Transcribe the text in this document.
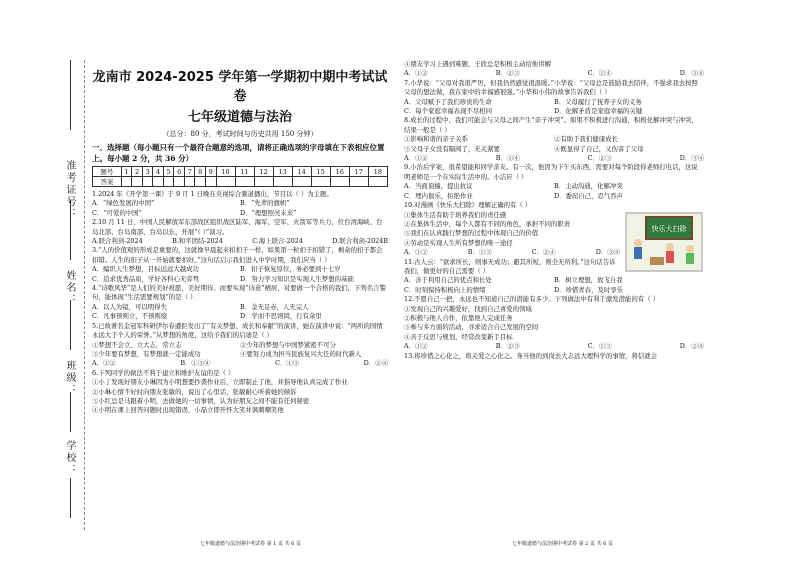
准考证号：
姓名：
班级：
学校：
龙南市 2024-2025 学年第一学期初中期中考试试卷
七年级道德与法治
（总分：80 分，考试时间与历史共用 150 分钟）
一、选择题（每小题只有一个最符合题意的选项，请将正确选项的字母填在下表相应位置上。每小题 2 分，共 36 分）
题号	1	2	3	4	5	6	7	8	9	10	11	12	13	14	15	16	17	18
答案																		

1.2024 年《开学第一课》于 9 月 1 日晚在央视综合频道播出，节目以（ ）为主题。

A．“绿色发展的中国”	B．“先辈的旗帜”
C．“可爱的中国”	D．“理想照亮未来”

2.10 月 11 日，中国人民解放军东部战区组织战区陆军、海军、空军、火箭军等兵力，位台湾海峡、台岛北部、台岛南部、台岛以东，开展“（ ）”演习。

A.联合利剑-2024	B.和平团结-2024	C.海上联合-2024	D.联合利剑-2024B

3.“人的价值观的形成是重要的，这就像早晨起来扣扣子一样，如果第一粒扣子扣错了，剩余的扣子都会扣错。人生的扣子从一开始就要扣好。”这句话启示我们进入中学时期，我们应当（ ）

A．编织人生梦想，目标远远大越成功	B．扣子恢复原位，务必要到十七岁
C．追求优秀品质，学好各科心无旁骛	D．努力学习知识是实现人生梦想的基础

4.“诗歌风华”是人们的美好祝愿，美好期待。而要实现“诗意”栖居，对要做一个合格的我们，下列名言警句，能体现“生活需要规划”的是（ ）

A．以人为镜，可以明得失	B．金无足赤，人无完人
C．凡事预则立，不预则废	D．学而不思则罔，行有余里

5.已故著名金冠军科研伊尔春遭拒发出了“有关梦想、成长和奉献”的演讲，她在演讲中说：“两所的国情永远大于个人的荣誉。”从梦想的角度，这给予我们的启迪是（ ）

①梦想不会立、立大志，常立志	②少年的梦想与中国梦紧密不可分
③少年要有梦想，有梦想就一定能成功	④要努力成为担当民族复兴大任的时代新人
A．①②	B．①③④	C．①③	D．②④

6.下列同学的做法不利于建立和维护友谊的是（ ）

①小丁发现好朋友小琳因为小明想要抄袭作业后，立即制止了他，并指导他认真完成了作业
②小琳心情不好时向朋友张敏的，说出了心里话，张敏耐心听着她的倾诉
③小红总是马跟着小明，去做她的一切事情，认为好朋友之间不能有任何秘密
④小明在课上回答问题时出现错误，小磊立即开怀大笑并讽刺嘲笑他

④朋友学习上遇到难题，王欣总是积极主动给他讲解

A．①②	B．②③	C．①④	D．③④

7.小华说：“父母对我很严厉，但我仍然感觉很温暖。”小华说：“父母总是鼓励我去陪伴，不强求我去按照父母的想法做，我在家中的幸福感很强。”小华和小伟的故事告诉我们（ ）

A．父母赋予了我们珍贵的生命	B．父母履行了抚养子女的义务
C．每个家庭幸福表现不尽相同	D．化解矛盾是家庭幸福的关键

8.成长的过程中，我们可能会与父母之间产生“亲子冲突”。如果不积极进行沟通，积极化解冲突与冲突，结果一般是（ ）

①影响和谐的亲子关系	②有助于我们健康成长
③父母子女没有隔阂了，无关紧要	④既显得了自己，又伤害了父母
A．①②	B．①④	C．②③	D．③④

9.小治后学案，很希望能和同学亲友。有一次，他因为下午买东西，需要对每个阶段你老师打电话，这说明老师是一个在实际生活中的。小洁应（ ）

A．当面顶撞，提出抗议	B．主动沟通，化解冲突
C．埋内俱乐，拒绝作业	D．委屈自己，忍气吞声

10.对漫画《快乐大扫除》理解正确的有（ ）

快乐大扫除
①集体生活有助于培养我们的责任感
②在集体生活中，每个人都有不同的角色，承担不同的职责
③我们在认真践行梦想的过程中体现自己的价值
④劳动是实现人生所有梦想的唯一途径
A．①②	B．①③	C．②④	D．③④

11.古人云：“欲求所长，则事无成功；避其所短，则全无所利。”这句话告诉我们，做更好的自己需要（ ）

A．善于利用自己的优点和长处	B．树立理想，放飞自我
C．时刻保持积极向上的情绪	D．珍惜青春，及时享乐

12.不愿自己一把，永远也不知道自己的潜能有多少。下列做法中有利于激发潜能的有（ ）

①发现自己的兴趣爱好，找到自己喜爱的领域
②积极与他人合作，依靠他人完成任务
③参与多方面的活动，寻求适合自己发展的空间
④善于反思与规划，经常改变新手目标
A．①②	B．②③	C．①③	D．②④

13.将珍惜之心化之，将关爱之心化之。身当他的到岗去大志远大理科学的事情，将信就会

七年级道德与法治期中考试卷 第 1 页 共 6 页	七年级道德与法治期中考试卷 第 2 页 共 6 页
